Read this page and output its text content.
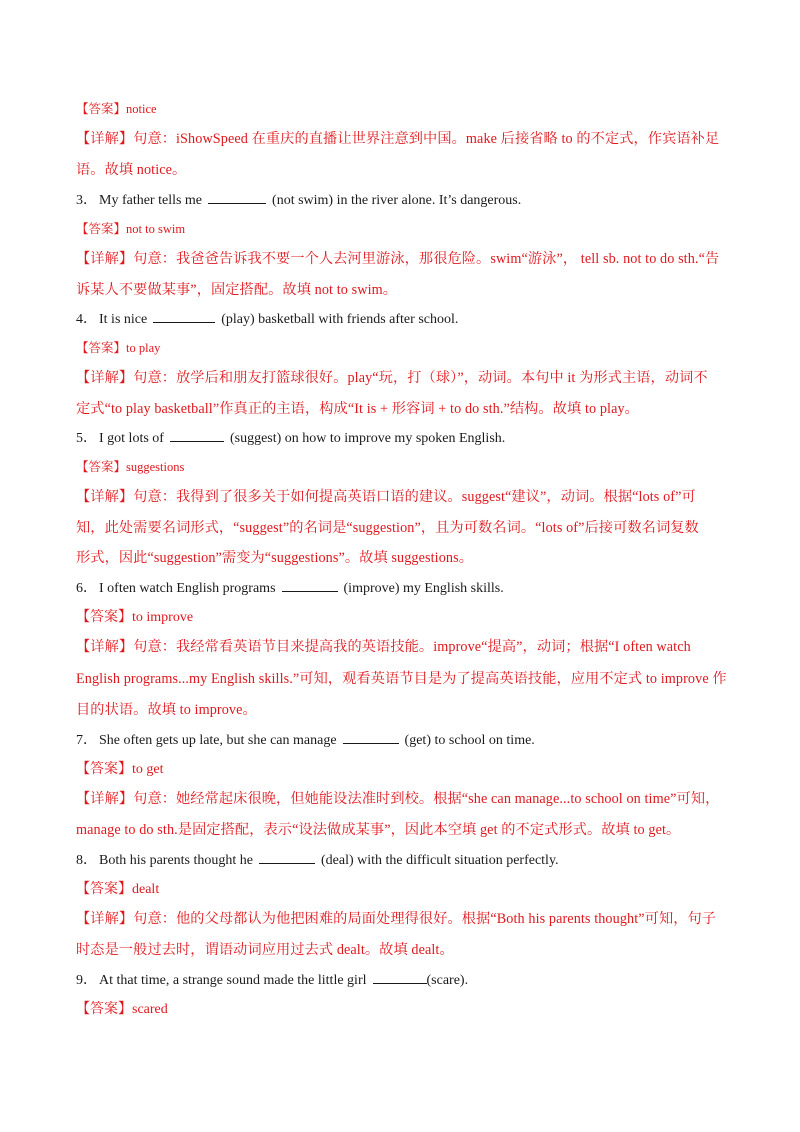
【答案】notice
【详解】句意：iShowSpeed 在重庆的直播让世界注意到中国。make 后接省略 to 的不定式，作宾语补足
语。故填 notice。
3． My father tells me	(not swim) in the river alone. It’s dangerous.
【答案】not to swim
【详解】句意：我爸爸告诉我不要一个人去河里游泳，那很危险。swim“游泳”， tell sb. not to do sth.“告
诉某人不要做某事”，固定搭配。故填 not to swim。
4． It is nice	(play) basketball with friends after school.
【答案】to play
【详解】句意：放学后和朋友打篮球很好。play“玩，打（球）”，动词。本句中 it 为形式主语，动词不
定式“to play basketball”作真正的主语，构成“It is + 形容词 + to do sth.”结构。故填 to play。
5． I got lots of	(suggest) on how to improve my spoken English.
【答案】suggestions
【详解】句意：我得到了很多关于如何提高英语口语的建议。suggest“建议”，动词。根据“lots of”可
知，此处需要名词形式，“suggest”的名词是“suggestion”，且为可数名词。“lots of”后接可数名词复数
形式，因此“suggestion”需变为“suggestions”。故填 suggestions。
6． I often watch English programs	(improve) my English skills.
【答案】to improve
【详解】句意：我经常看英语节目来提高我的英语技能。improve“提高”，动词；根据“I often watch
English programs...my English skills.”可知，观看英语节目是为了提高英语技能，应用不定式 to improve 作
目的状语。故填 to improve。
7． She often gets up late, but she can manage	(get) to school on time.
【答案】to get
【详解】句意：她经常起床很晚，但她能设法准时到校。根据“she can manage...to school on time”可知，
manage to do sth.是固定搭配，表示“设法做成某事”，因此本空填 get 的不定式形式。故填 to get。
8． Both his parents thought he	(deal) with the difficult situation perfectly.
【答案】dealt
【详解】句意：他的父母都认为他把困难的局面处理得很好。根据“Both his parents thought”可知，句子
时态是一般过去时，谓语动词应用过去式 dealt。故填 dealt。
9． At that time, a strange sound made the little girl	(scare).
【答案】scared
